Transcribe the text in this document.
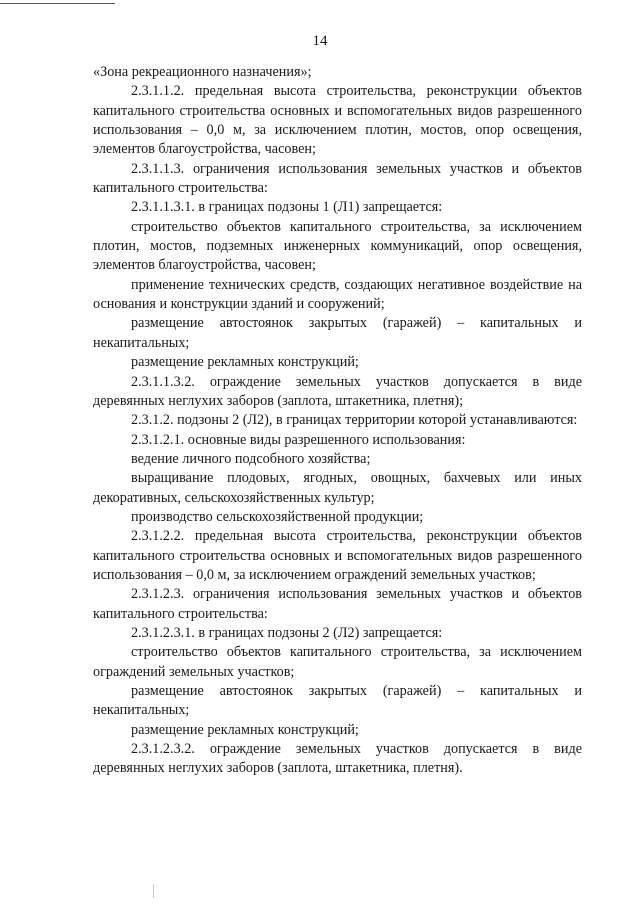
14

«Зона рекреационного назначения»;

2.3.1.1.2. предельная высота строительства, реконструкции объектов капитального строительства основных и вспомогательных видов разрешенного использования – 0,0 м, за исключением плотин, мостов, опор освещения, элементов благоустройства, часовен;

2.3.1.1.3. ограничения использования земельных участков и объектов капитального строительства:

2.3.1.1.3.1. в границах подзоны 1 (Л1) запрещается:

строительство объектов капитального строительства, за исключением плотин, мостов, подземных инженерных коммуникаций, опор освещения, элементов благоустройства, часовен;

применение технических средств, создающих негативное воздействие на основания и конструкции зданий и сооружений;

размещение автостоянок закрытых (гаражей) – капитальных и некапитальных;

размещение рекламных конструкций;

2.3.1.1.3.2. ограждение земельных участков допускается в виде деревянных неглухих заборов (заплота, штакетника, плетня);

2.3.1.2. подзоны 2 (Л2), в границах территории которой устанавливаются:

2.3.1.2.1. основные виды разрешенного использования:

ведение личного подсобного хозяйства;

выращивание плодовых, ягодных, овощных, бахчевых или иных декоративных, сельскохозяйственных культур;

производство сельскохозяйственной продукции;

2.3.1.2.2. предельная высота строительства, реконструкции объектов капитального строительства основных и вспомогательных видов разрешенного использования – 0,0 м, за исключением ограждений земельных участков;

2.3.1.2.3. ограничения использования земельных участков и объектов капитального строительства:

2.3.1.2.3.1. в границах подзоны 2 (Л2) запрещается:

строительство объектов капитального строительства, за исключением ограждений земельных участков;

размещение автостоянок закрытых (гаражей) – капитальных и некапитальных;

размещение рекламных конструкций;

2.3.1.2.3.2. ограждение земельных участков допускается в виде деревянных неглухих заборов (заплота, штакетника, плетня).
